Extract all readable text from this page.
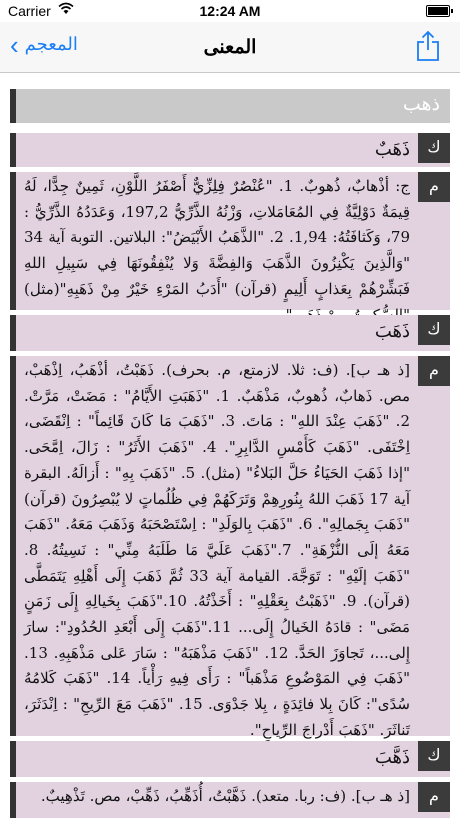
Carrier	12:24 AM
‹ المعجم	المعنى
ذهب
ك
ذَهَبٌ
م
ج: أذْهابٌ، ذُهوبٌ. 1. "عُنْصُرٌ فِلِزِّيٌّ أَصْفَرُ اللَّوْنِ، ثَمِينٌ جِدًّا، لَهُ قِيمَةٌ دَوْلِيَّةٌ فِي المُعَامَلاتِ، وَزْنُهُ الذَّرِّيُّ 197,2، وَعَدَدُهُ الذَّرِّيُّ : 79، وَكَثافَتُهُ: 1,94. 2. "الذَّهَبُ الأَبْيَضُ": البلاتين. التوبة آية 34 "وَالَّذِينَ يَكْنِزُونَ الذَّهَبَ وَالفِضَّةَ وَلا يُنْفِقُونَهَا فِي سَبِيلِ اللهِ فَبَشِّرْهُمْ بِعَذابٍ أَلِيمٍ (قرآن) "أَدَبُ المَرْءِ خَيْرٌ مِنْ ذَهَبِهِ"(مثل)
ك
ذَهَبَ
م
[ذ هـ ب]. (ف: ثلا. لازمتع، م. بحرف). ذَهَبْتُ، أذْهَبُ، اِذْهَبْ، مص. ذَهابٌ، ذُهوبٌ، مَذْهَبٌ. 1. "ذَهَبَتِ الأَيَّامُ" : مَضَتْ، مَرَّتْ. 2. "ذَهَبَ عِنْدَ اللهِ" : مَاتَ. 3. "ذَهَبَ مَا كَانَ قَائِماً" : اِنْقَضَى، اِخْتَفَى. "ذَهَبَ كَأَمْسِ الدَّابِرِ". 4. "ذَهَبَ الأَثَرُ" : زَالَ، اِمَّحَى. "إذا ذَهَبَ الحَيَاءُ حَلَّ البَلاءُ" (مثل). 5. "ذَهَبَ بِهِ" : أَزالَهُ. البقرة آية 17 ذَهَبَ اللهُ بِنُورِهِمْ وَتَرَكَهُمْ فِي ظُلُماتٍ لا يُبْصِرُونَ (قرآن) "ذَهَبَ بِجَمالِهِ". 6. "ذَهَبَ بِالوَلَدِ" : اِسْتَصْحَبَهُ وَذَهَبَ مَعَهُ. "ذَهَبَ مَعَهُ إلَى النُّزْهَةِ". 7."ذَهَبَ عَلَيَّ مَا طَلَبَهُ مِنِّي" : نَسِيتُهُ. 8. "ذَهَبَ إلَيْهِ" : تَوَجَّهَ. القيامة آية 33 ثُمَّ ذَهَبَ إِلَى أَهْلِهِ يَتَمَطَّى (قرآن). 9. "ذَهَبْتُ بِعَقْلِهِ" : أَخَذْتُهُ. 10."ذَهَبَ بِخَيالِهِ إِلَى زَمَنٍ مَضَى" : قادَهُ الخَيالُ إِلَى... 11."ذَهَبَ إِلَى أَبْعَدِ الحُدُودِ": سارَ إِلى...، تَجاوَزَ الحَدَّ. 12. "ذَهَبَ مَذْهَبَهُ" : سَارَ عَلى مَذْهَبِهِ. 13. "ذَهَبَ فِي المَوْضُوعِ مَذْهَباً" : رَأَى فِيهِ رَأْياً. 14. "ذَهَبَ كَلامُهُ سُدًى": كَانَ بِلا فائِدَةٍ ، بِلا جَدْوَى. 15. "ذَهَبَ مَعَ الرِّيحِ" : اِنْدَثَرَ، تَناثَرَ. "ذَهَبَ أَدْراجَ الرِّياحِ".
ك
ذَهَّبَ
م
[ذ هـ ب]. (ف: ربا. متعد). ذَهَّبْتُ، أُذَهِّبُ، ذَهِّبْ، مص. تَذْهِيبٌ.
